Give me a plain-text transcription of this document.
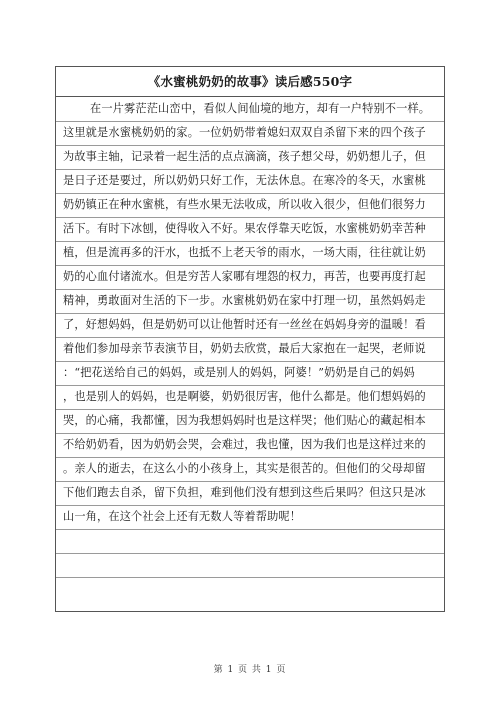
《水蜜桃奶奶的故事》读后感550字
在一片雾茫茫山峦中，看似人间仙境的地方，却有一户特别不一样。
这里就是水蜜桃奶奶的家。一位奶奶带着媳妇双双自杀留下来的四个孩子
为故事主轴，记录着一起生活的点点滴滴，孩子想父母，奶奶想儿子，但
是日子还是要过，所以奶奶只好工作，无法休息。在寒冷的冬天，水蜜桃
奶奶镇正在种水蜜桃，有些水果无法收成，所以收入很少，但他们很努力
活下。有时下冰刨，使得收入不好。果农俘靠天吃饭，水蜜桃奶奶幸苦种
植，但是流再多的汗水，也抵不上老天爷的雨水，一场大雨，往往就让奶
奶的心血付诸流水。但是穷苦人家哪有埋怨的权力，再苦，也要再度打起
精神，勇敢面对生活的下一步。水蜜桃奶奶在家中打理一切，虽然妈妈走
了，好想妈妈，但是奶奶可以让他暂时还有一丝丝在妈妈身旁的温暖！看
着他们参加母亲节表演节目，奶奶去欣赏，最后大家抱在一起哭，老师说
：“把花送给自己的妈妈，或是别人的妈妈，阿婆！”奶奶是自己的妈妈
，也是别人的妈妈，也是啊婆，奶奶很厉害，他什么都是。他们想妈妈的
哭，的心痛，我都懂，因为我想妈妈时也是这样哭；他们贴心的藏起相本
不给奶奶看，因为奶奶会哭，会难过，我也懂，因为我们也是这样过来的
。亲人的逝去，在这么小的小孩身上，其实是很苦的。但他们的父母却留
下他们跑去自杀，留下负担，难到他们没有想到这些后果吗？但这只是冰
山一角，在这个社会上还有无数人等着帮助呢！
第 1 页 共 1 页
